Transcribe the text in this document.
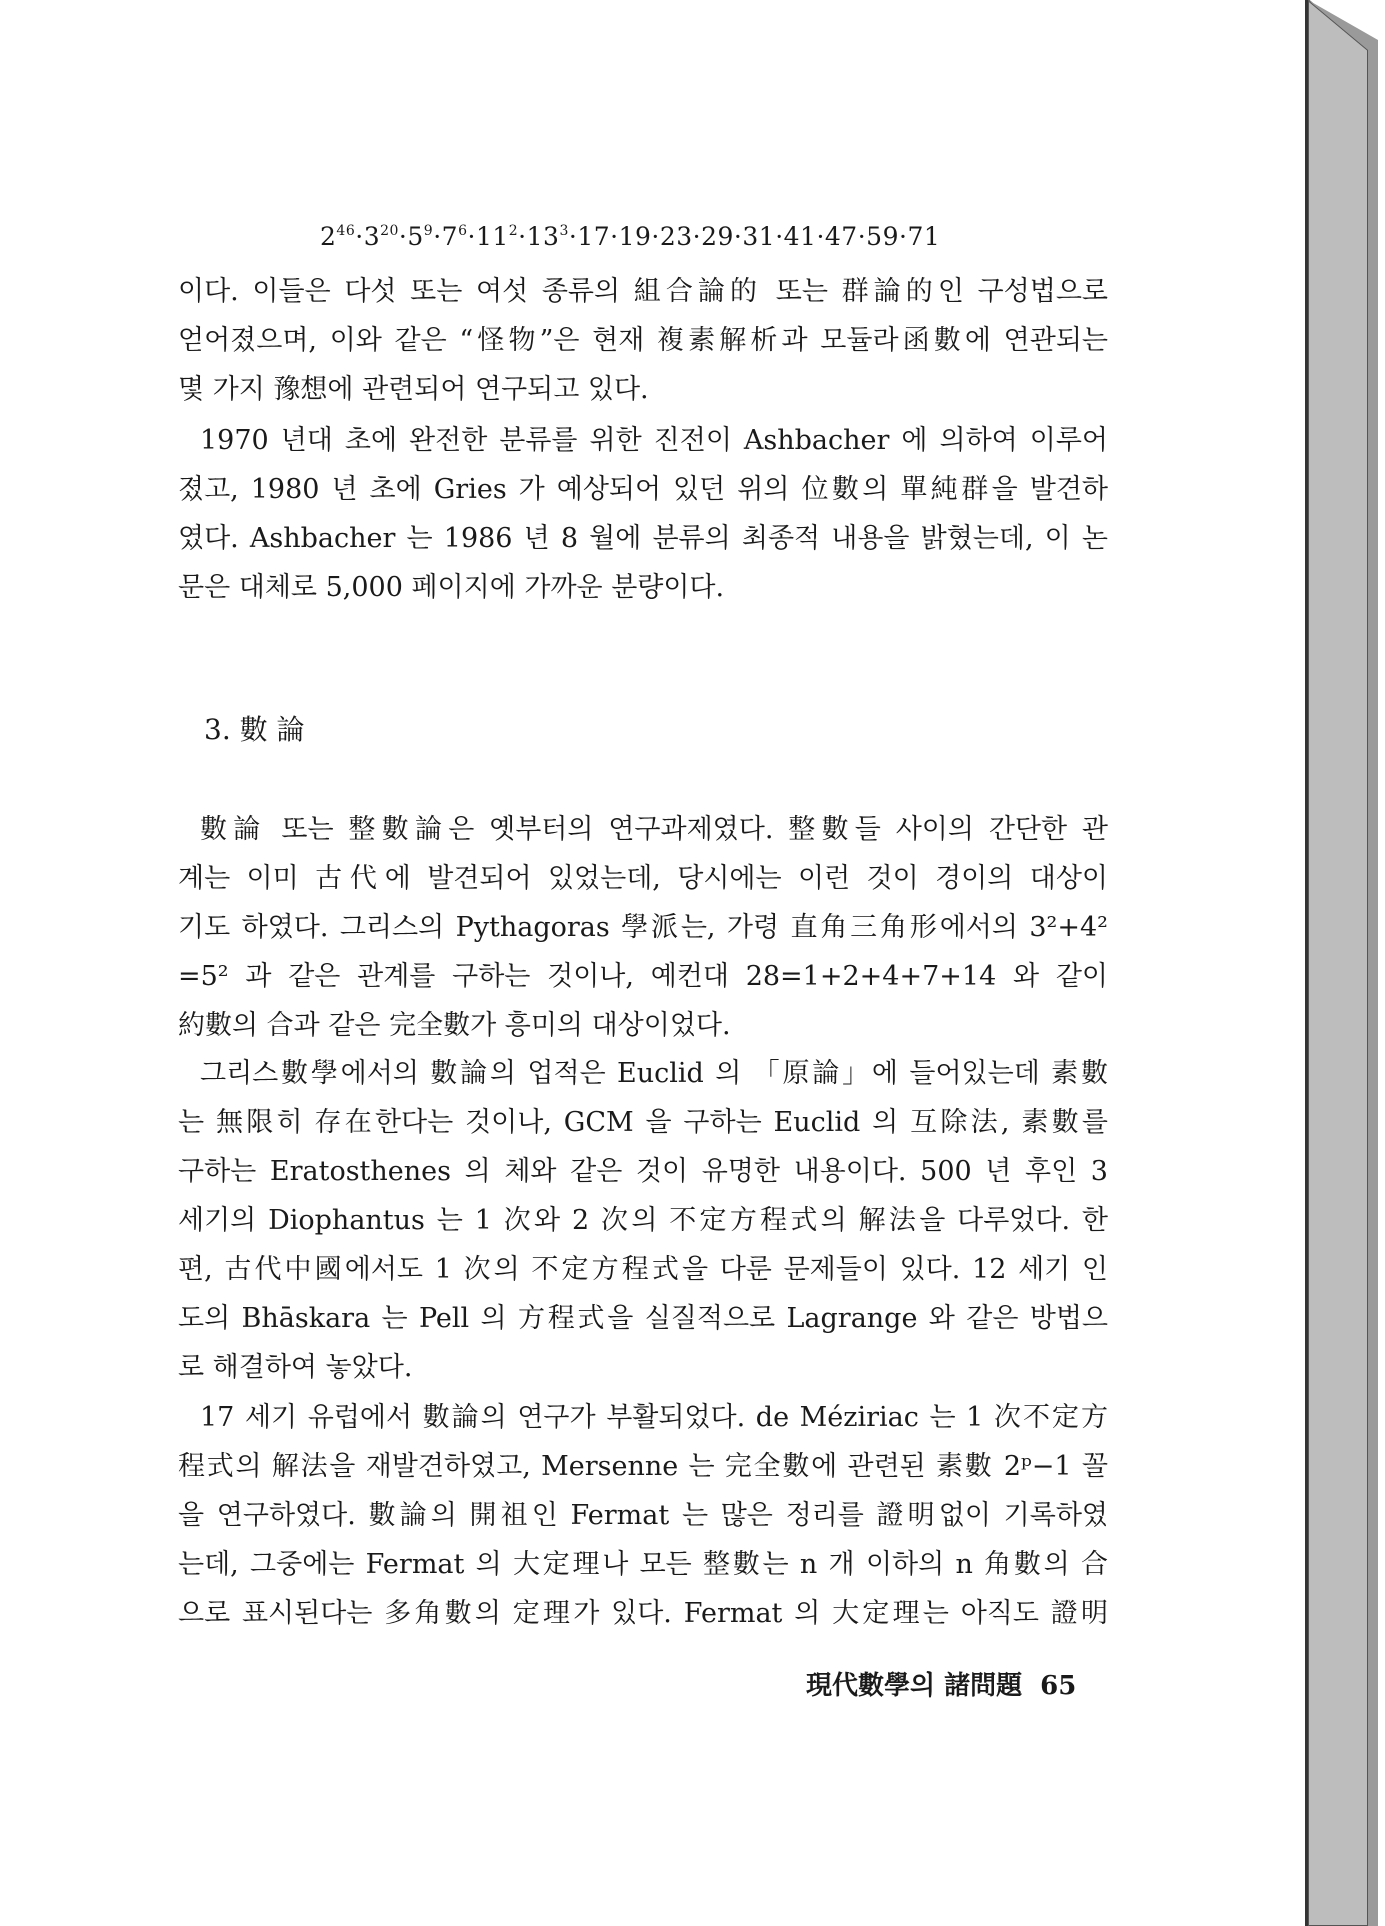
$2^{46}\cdot 3^{20}\cdot 5^9\cdot 7^6\cdot 11^2\cdot 13^3\cdot 17\cdot 19\cdot 23\cdot 29\cdot 31\cdot 41\cdot 47\cdot 59\cdot 71$
이다. 이들은 다섯 또는 여섯 종류의 組合論的 또는 群論的인 구성법으로
얻어졌으며, 이와 같은 “怪物”은 현재 複素解析과 모듈라函數에 연관되는
몇 가지 豫想에 관련되어 연구되고 있다.
1970 년대 초에 완전한 분류를 위한 진전이 Ashbacher 에 의하여 이루어
졌고, 1980 년 초에 Gries 가 예상되어 있던 위의 位數의 單純群을 발견하
였다. Ashbacher 는 1986 년 8 월에 분류의 최종적 내용을 밝혔는데, 이 논
문은 대체로 5,000 페이지에 가까운 분량이다.
3. 數 論
數論 또는 整數論은 옛부터의 연구과제였다. 整數들 사이의 간단한 관
계는 이미 古代에 발견되어 있었는데, 당시에는 이런 것이 경이의 대상이
기도 하였다. 그리스의 Pythagoras 學派는, 가령 直角三角形에서의 3²+4²
=5² 과 같은 관계를 구하는 것이나, 예컨대 28=1+2+4+7+14 와 같이
約數의 合과 같은 完全數가 흥미의 대상이었다.
그리스數學에서의 數論의 업적은 Euclid 의 「原論」에 들어있는데 素數
는 無限히 存在한다는 것이나, GCM 을 구하는 Euclid 의 互除法, 素數를
구하는 Eratosthenes 의 체와 같은 것이 유명한 내용이다. 500 년 후인 3
세기의 Diophantus 는 1 次와 2 次의 不定方程式의 解法을 다루었다. 한
편, 古代中國에서도 1 次의 不定方程式을 다룬 문제들이 있다. 12 세기 인
도의 Bhāskara 는 Pell 의 方程式을 실질적으로 Lagrange 와 같은 방법으
로 해결하여 놓았다.
17 세기 유럽에서 數論의 연구가 부활되었다. de Méziriac 는 1 次不定方
程式의 解法을 재발견하였고, Mersenne 는 完全數에 관련된 素數 2ᵖ−1 꼴
을 연구하였다. 數論의 開祖인 Fermat 는 많은 정리를 證明없이 기록하였
는데, 그중에는 Fermat 의 大定理나 모든 整數는 n 개 이하의 n 角數의 合
으로 표시된다는 多角數의 定理가 있다. Fermat 의 大定理는 아직도 證明
現代數學의 諸問題 65
